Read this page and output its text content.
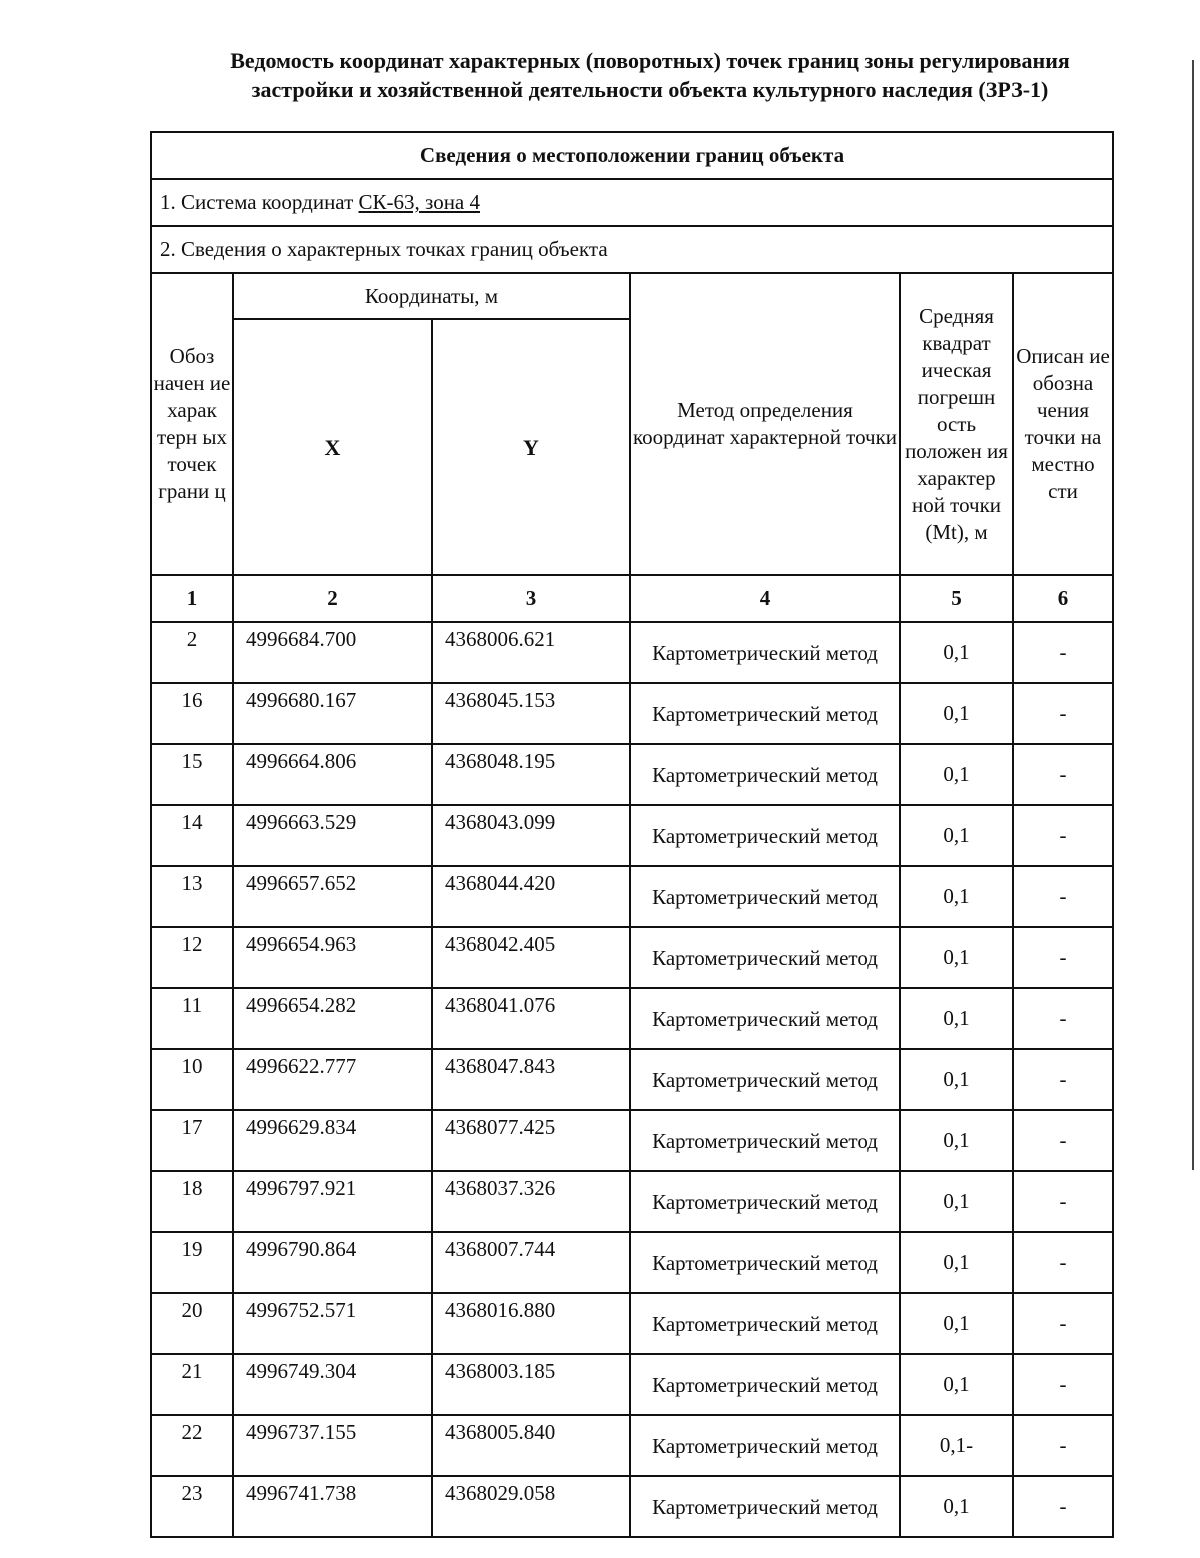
Ведомость координат характерных (поворотных) точек границ зоны регулирования
застройки и хозяйственной деятельности объекта культурного наследия (ЗРЗ-1)
Сведения о местоположении границ объекта					
1. Система координат СК-63, зона 4					
2. Сведения о характерных точках границ объекта					
Обоз начен ие харак терн ых точек грани ц	Координаты, м		Метод определения координат характерной точки	Средняя квадрат ическая погрешн ость положен ия характер ной точки (Mt), м	Описан ие обозна чения точки на местно сти
	X	Y			
1	2	3	4	5	6
2	4996684.700	4368006.621	Картометрический метод	0,1	-
16	4996680.167	4368045.153	Картометрический метод	0,1	-
15	4996664.806	4368048.195	Картометрический метод	0,1	-
14	4996663.529	4368043.099	Картометрический метод	0,1	-
13	4996657.652	4368044.420	Картометрический метод	0,1	-
12	4996654.963	4368042.405	Картометрический метод	0,1	-
11	4996654.282	4368041.076	Картометрический метод	0,1	-
10	4996622.777	4368047.843	Картометрический метод	0,1	-
17	4996629.834	4368077.425	Картометрический метод	0,1	-
18	4996797.921	4368037.326	Картометрический метод	0,1	-
19	4996790.864	4368007.744	Картометрический метод	0,1	-
20	4996752.571	4368016.880	Картометрический метод	0,1	-
21	4996749.304	4368003.185	Картометрический метод	0,1	-
22	4996737.155	4368005.840	Картометрический метод	0,1-	-
23	4996741.738	4368029.058	Картометрический метод	0,1	-
